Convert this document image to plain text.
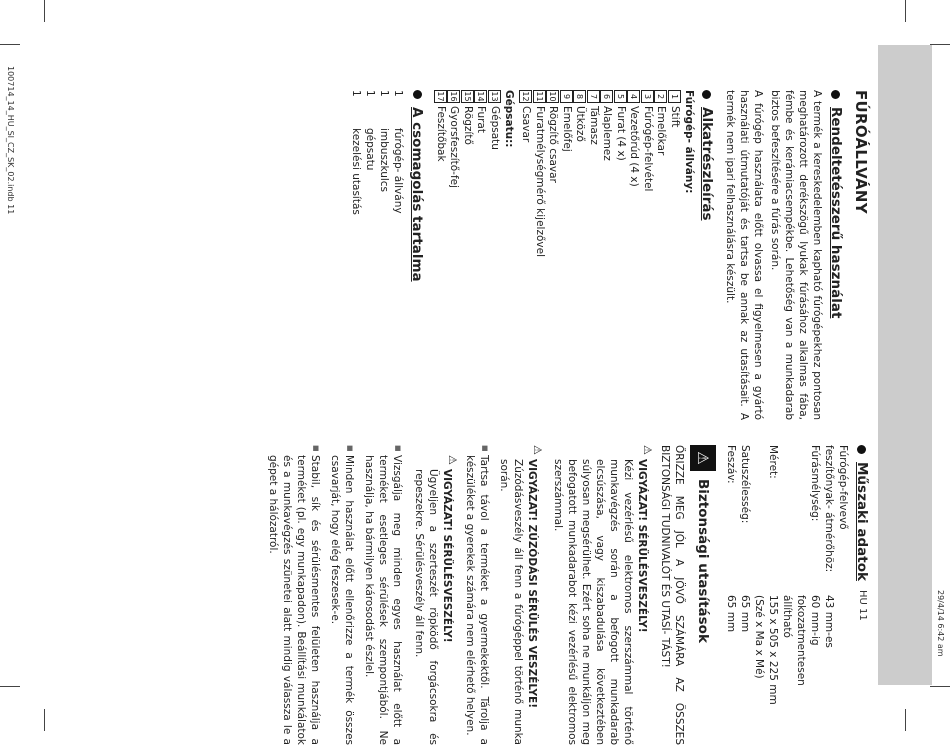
100714_14_HU_SI_CZ_SK_02.indb 11
29/4/14 6:42 am
HU 11
FÚRÓÁLLVÁNY
Rendeltetésszerű használat

A termék a kereskedelemben kapható fúrógépekhez pontosan meghatározott derékszögű lyukak fúrásához alkalmas fába, fémbe és kerámiacsempékbe. Lehetőség van a munkadarab biztos befeszítésére a fúrás során.

A fúrógép használata előtt olvassa el figyelmesen a gyártó használati útmutatóját és tartsa be annak az utasításait. A termék nem ipari felhasználásra készült.

Alkatrészleírás
Fúrógép- állvány:
1
Stift
2
Emelőkar
3
Fúrógép-felvétel
4
Vezetőrúd (4 x)
5
Furat (4 x)
6
Alaplemez
7
Támasz
8
Ütköző
9
Emelőfej
10
Rögzítő csavar
11
Furatmélységmérő kijelzővel
12
Csavar
Gépsatu::
13
Gépsatu
14
Furat
15
Rögzítő
16
Gyorsfeszítő-fej
17
Feszítőbak
A csomagolás tartalma
1
fúrógép- állvány
1
imbuszkulcs
1
gépsatu
1
kezelési utasítás
Műszaki adatok
Fúrógép-felvevő	
feszítőnyak- átmérőhöz:	43 mm-es
Fúrásmélység:	60 mm-ig
	fokozatmentesen
	állítható
Méret:	155 x 505 x 225 mm
	(Szé x Ma x Mé)
Satuszélesség:	65 mm
Feszáv:	65 mm
⚠
Biztonsági utasítások

ŐRIZZE MEG JÓL A JÖVŐ SZÁMÁRA AZ ÖSSZES BIZTONSÁGI TUDNIVALÓT ÉS UTASÍ- TÁST!

⚠
VIGYÁZAT! SÉRÜLÉSVESZÉLY!

Kézi vezérlésű elektromos szerszámmal történő munkavégzés során a befogott munkadarab elcsúszása, vagy kiszabadulása következtében súlyosan megsérülhet. Ezért soha ne munkáljon meg befogatott munkadarabot kézi vezérlésű elektromos szerszámmal.

⚠
VIGYÁZAT! ZÚZÓDÁSI SÉRÜLÉS VESZÉLYE!

Zúzódásveszély áll fenn a fúrógéppel történő munka során.

■

Tartsa távol a terméket a gyermekektől. Tárolja a készüléket a gyerekek számára nem elérhető helyen.

⚠
VIGYÁZAT! SÉRÜLÉSVESZÉLY!

Ügyeljen a szerteszét röpködő forgácsokra és repeszekre. Sérülésveszély áll fenn.

■

Vizsgálja meg minden egyes használat előtt a terméket esetleges sérülések szempontjából. Ne használja, ha bármilyen károsodást észlel.

■

Minden használat előtt ellenőrizze a termék összes csavarját, hogy elég feszesek-e.

■

Stabil, sík és sérülésmentes felületen használja a terméket (pl. egy munkapadon). Beállítási munkálatok és a munkavégzés szünetei alatt mindig válassza le a gépet a hálózatról.
